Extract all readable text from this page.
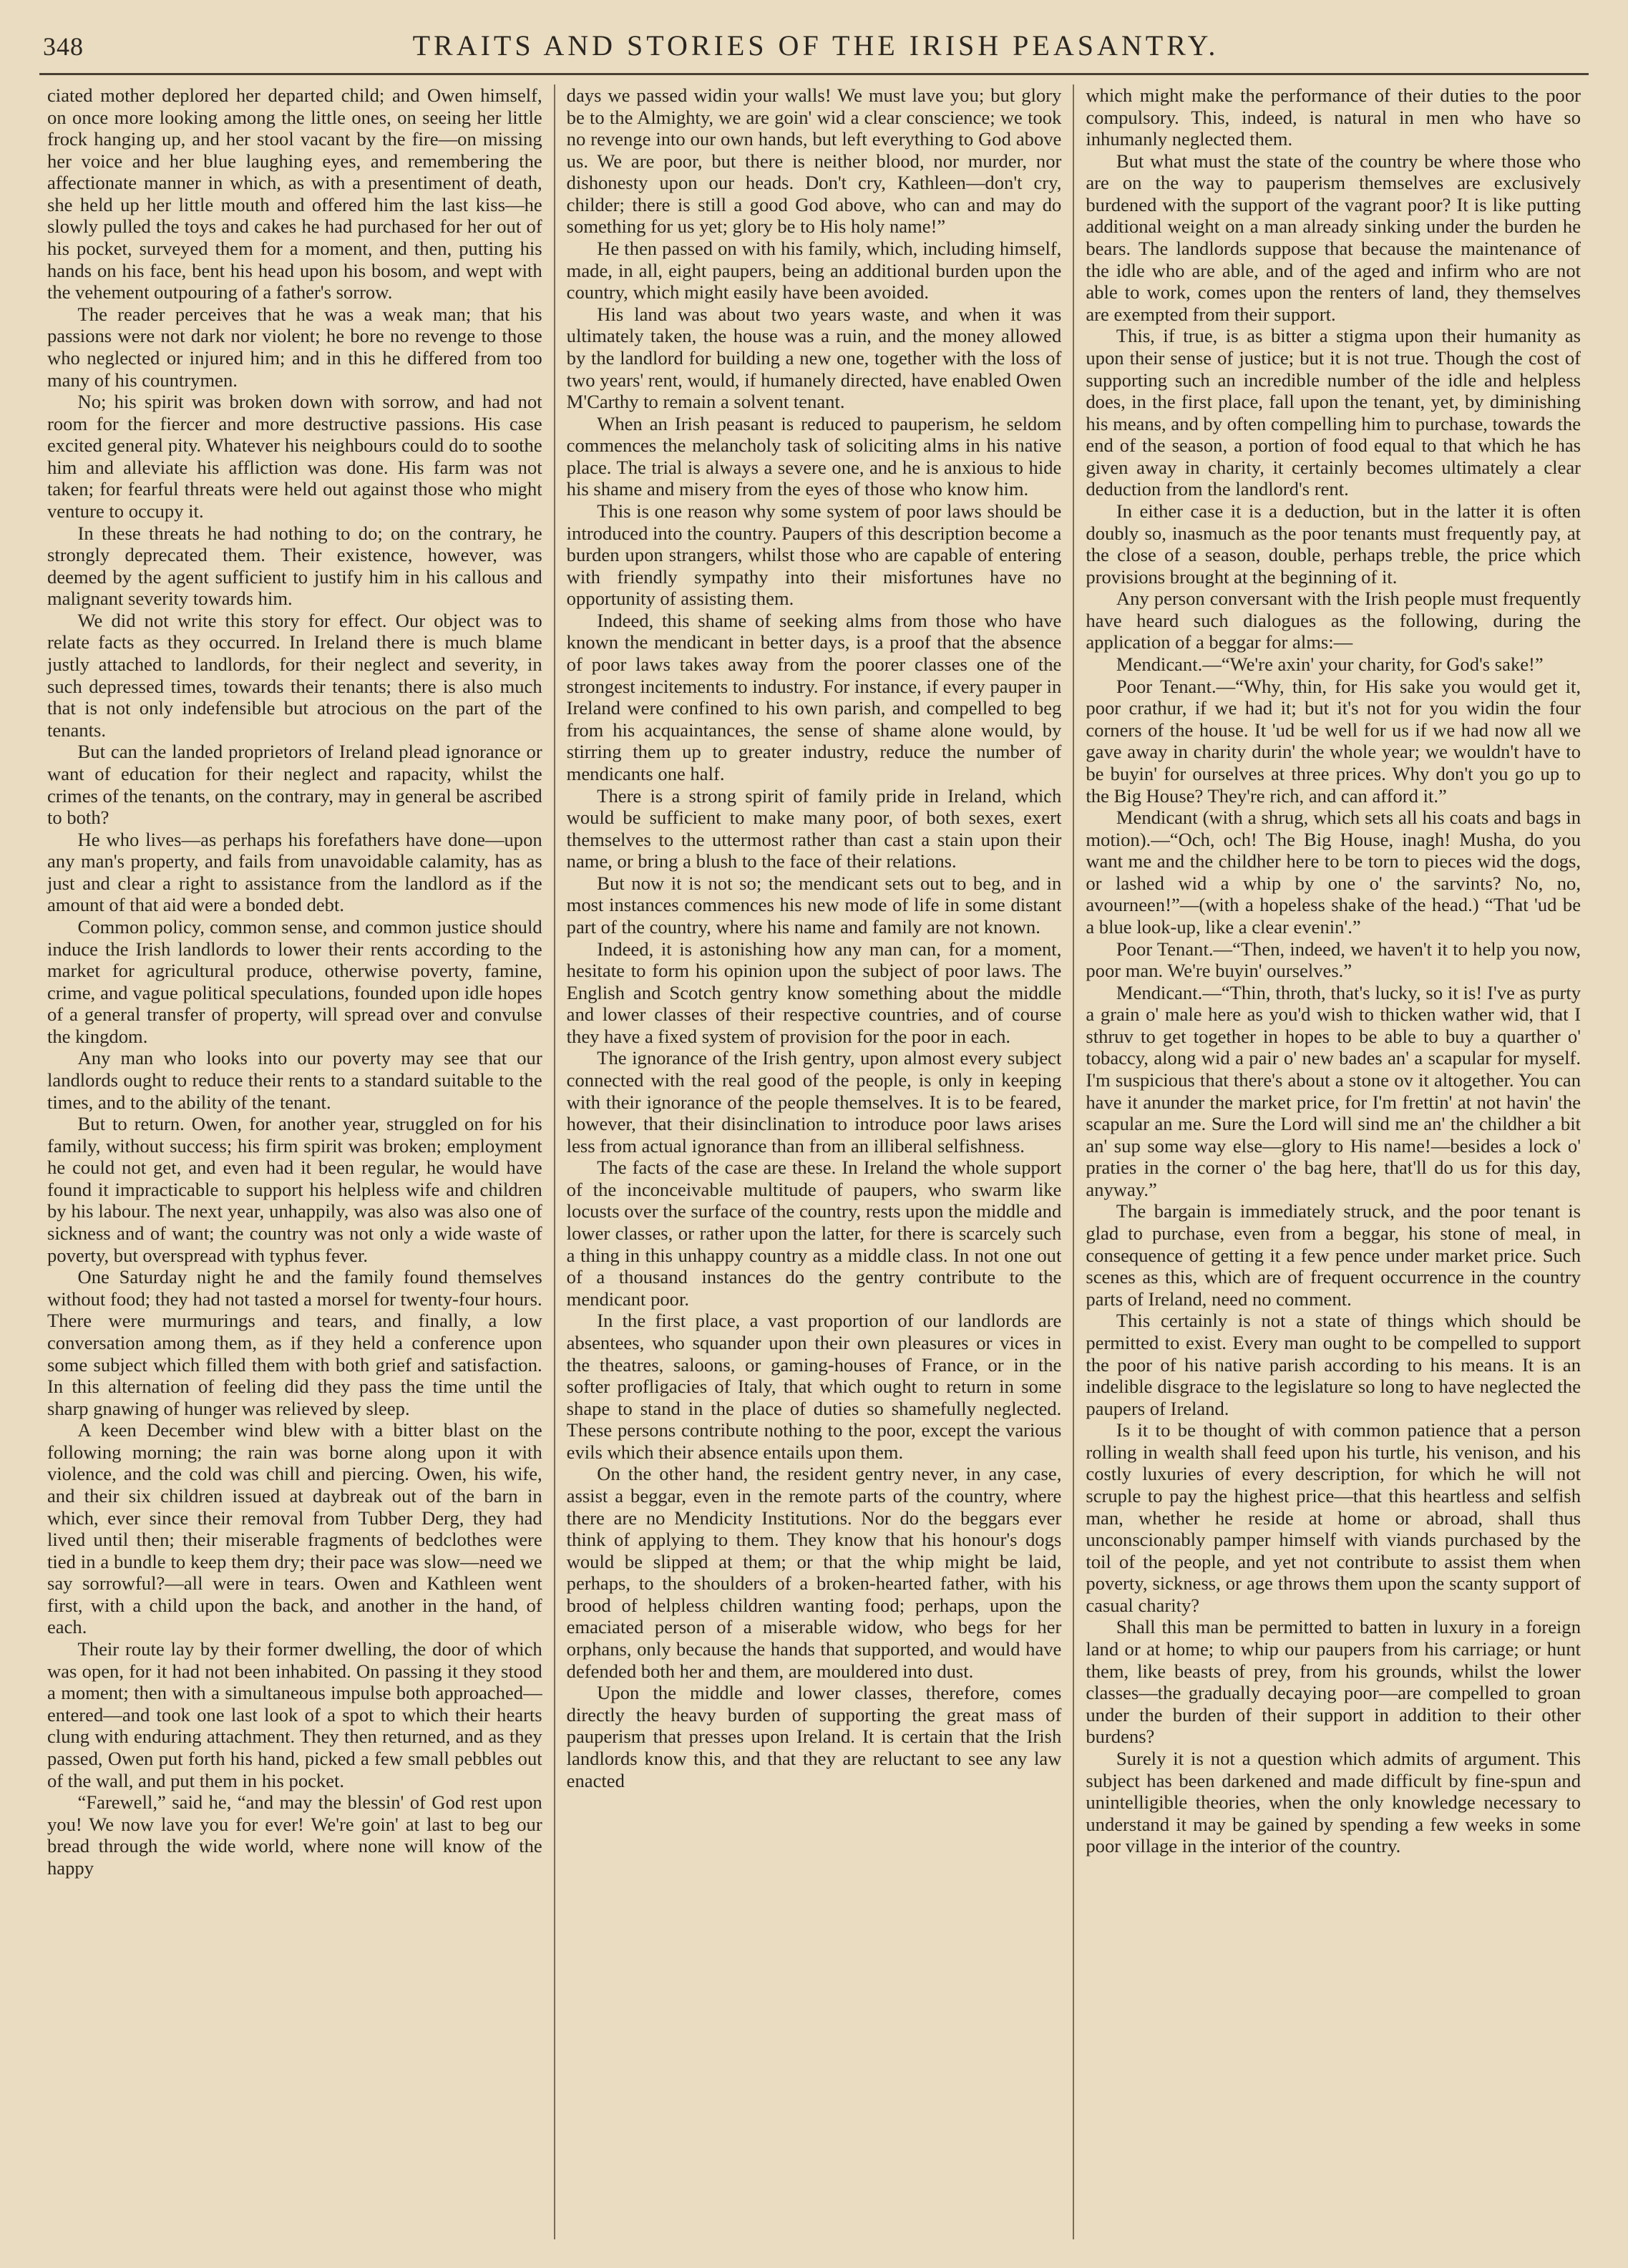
348	TRAITS AND STORIES OF THE IRISH PEASANTRY.

ciated mother deplored her departed child; and Owen himself, on once more looking among the little ones, on seeing her little frock hanging up, and her stool vacant by the fire—on missing her voice and her blue laughing eyes, and remembering the affectionate manner in which, as with a presentiment of death, she held up her little mouth and offered him the last kiss—he slowly pulled the toys and cakes he had purchased for her out of his pocket, surveyed them for a moment, and then, putting his hands on his face, bent his head upon his bosom, and wept with the vehement outpouring of a father's sorrow.

The reader perceives that he was a weak man; that his passions were not dark nor violent; he bore no revenge to those who neglected or injured him; and in this he differed from too many of his countrymen.

No; his spirit was broken down with sorrow, and had not room for the fiercer and more destructive passions. His case excited general pity. Whatever his neighbours could do to soothe him and alleviate his affliction was done. His farm was not taken; for fearful threats were held out against those who might venture to occupy it.

In these threats he had nothing to do; on the contrary, he strongly deprecated them. Their existence, however, was deemed by the agent sufficient to justify him in his callous and malignant severity towards him.

We did not write this story for effect. Our object was to relate facts as they occurred. In Ireland there is much blame justly attached to landlords, for their neglect and severity, in such depressed times, towards their tenants; there is also much that is not only indefensible but atrocious on the part of the tenants.

But can the landed proprietors of Ireland plead ignorance or want of education for their neglect and rapacity, whilst the crimes of the tenants, on the contrary, may in general be ascribed to both?

He who lives—as perhaps his forefathers have done—upon any man's property, and fails from unavoidable calamity, has as just and clear a right to assistance from the landlord as if the amount of that aid were a bonded debt.

Common policy, common sense, and common justice should induce the Irish landlords to lower their rents according to the market for agricultural produce, otherwise poverty, famine, crime, and vague political speculations, founded upon idle hopes of a general transfer of property, will spread over and convulse the kingdom.

Any man who looks into our poverty may see that our landlords ought to reduce their rents to a standard suitable to the times, and to the ability of the tenant.

But to return. Owen, for another year, struggled on for his family, without success; his firm spirit was broken; employment he could not get, and even had it been regular, he would have found it impracticable to support his helpless wife and children by his labour. The next year, unhappily, was also was also one of sickness and of want; the country was not only a wide waste of poverty, but overspread with typhus fever.

One Saturday night he and the family found themselves without food; they had not tasted a morsel for twenty-four hours. There were murmurings and tears, and finally, a low conversation among them, as if they held a conference upon some subject which filled them with both grief and satisfaction. In this alternation of feeling did they pass the time until the sharp gnawing of hunger was relieved by sleep.

A keen December wind blew with a bitter blast on the following morning; the rain was borne along upon it with violence, and the cold was chill and piercing. Owen, his wife, and their six children issued at daybreak out of the barn in which, ever since their removal from Tubber Derg, they had lived until then; their miserable fragments of bedclothes were tied in a bundle to keep them dry; their pace was slow—need we say sorrowful?—all were in tears. Owen and Kathleen went first, with a child upon the back, and another in the hand, of each.

Their route lay by their former dwelling, the door of which was open, for it had not been inhabited. On passing it they stood a moment; then with a simultaneous impulse both approached—entered—and took one last look of a spot to which their hearts clung with enduring attachment. They then returned, and as they passed, Owen put forth his hand, picked a few small pebbles out of the wall, and put them in his pocket.

“Farewell,” said he, “and may the blessin' of God rest upon you! We now lave you for ever! We're goin' at last to beg our bread through the wide world, where none will know of the happy

days we passed widin your walls! We must lave you; but glory be to the Almighty, we are goin' wid a clear conscience; we took no revenge into our own hands, but left everything to God above us. We are poor, but there is neither blood, nor murder, nor dishonesty upon our heads. Don't cry, Kathleen—don't cry, childer; there is still a good God above, who can and may do something for us yet; glory be to His holy name!”

He then passed on with his family, which, including himself, made, in all, eight paupers, being an additional burden upon the country, which might easily have been avoided.

His land was about two years waste, and when it was ultimately taken, the house was a ruin, and the money allowed by the landlord for building a new one, together with the loss of two years' rent, would, if humanely directed, have enabled Owen M'Carthy to remain a solvent tenant.

When an Irish peasant is reduced to pauperism, he seldom commences the melancholy task of soliciting alms in his native place. The trial is always a severe one, and he is anxious to hide his shame and misery from the eyes of those who know him.

This is one reason why some system of poor laws should be introduced into the country. Paupers of this description become a burden upon strangers, whilst those who are capable of entering with friendly sympathy into their misfortunes have no opportunity of assisting them.

Indeed, this shame of seeking alms from those who have known the mendicant in better days, is a proof that the absence of poor laws takes away from the poorer classes one of the strongest incitements to industry. For instance, if every pauper in Ireland were confined to his own parish, and compelled to beg from his acquaintances, the sense of shame alone would, by stirring them up to greater industry, reduce the number of mendicants one half.

There is a strong spirit of family pride in Ireland, which would be sufficient to make many poor, of both sexes, exert themselves to the uttermost rather than cast a stain upon their name, or bring a blush to the face of their relations.

But now it is not so; the mendicant sets out to beg, and in most instances commences his new mode of life in some distant part of the country, where his name and family are not known.

Indeed, it is astonishing how any man can, for a moment, hesitate to form his opinion upon the subject of poor laws. The English and Scotch gentry know something about the middle and lower classes of their respective countries, and of course they have a fixed system of provision for the poor in each.

The ignorance of the Irish gentry, upon almost every subject connected with the real good of the people, is only in keeping with their ignorance of the people themselves. It is to be feared, however, that their disinclination to introduce poor laws arises less from actual ignorance than from an illiberal selfishness.

The facts of the case are these. In Ireland the whole support of the inconceivable multitude of paupers, who swarm like locusts over the surface of the country, rests upon the middle and lower classes, or rather upon the latter, for there is scarcely such a thing in this unhappy country as a middle class. In not one out of a thousand instances do the gentry contribute to the mendicant poor.

In the first place, a vast proportion of our landlords are absentees, who squander upon their own pleasures or vices in the theatres, saloons, or gaming-houses of France, or in the softer profligacies of Italy, that which ought to return in some shape to stand in the place of duties so shamefully neglected. These persons contribute nothing to the poor, except the various evils which their absence entails upon them.

On the other hand, the resident gentry never, in any case, assist a beggar, even in the remote parts of the country, where there are no Mendicity Institutions. Nor do the beggars ever think of applying to them. They know that his honour's dogs would be slipped at them; or that the whip might be laid, perhaps, to the shoulders of a broken-hearted father, with his brood of helpless children wanting food; perhaps, upon the emaciated person of a miserable widow, who begs for her orphans, only because the hands that supported, and would have defended both her and them, are mouldered into dust.

Upon the middle and lower classes, therefore, comes directly the heavy burden of supporting the great mass of pauperism that presses upon Ireland. It is certain that the Irish landlords know this, and that they are reluctant to see any law enacted

which might make the performance of their duties to the poor compulsory. This, indeed, is natural in men who have so inhumanly neglected them.

But what must the state of the country be where those who are on the way to pauperism themselves are exclusively burdened with the support of the vagrant poor? It is like putting additional weight on a man already sinking under the burden he bears. The landlords suppose that because the maintenance of the idle who are able, and of the aged and infirm who are not able to work, comes upon the renters of land, they themselves are exempted from their support.

This, if true, is as bitter a stigma upon their humanity as upon their sense of justice; but it is not true. Though the cost of supporting such an incredible number of the idle and helpless does, in the first place, fall upon the tenant, yet, by diminishing his means, and by often compelling him to purchase, towards the end of the season, a portion of food equal to that which he has given away in charity, it certainly becomes ultimately a clear deduction from the landlord's rent.

In either case it is a deduction, but in the latter it is often doubly so, inasmuch as the poor tenants must frequently pay, at the close of a season, double, perhaps treble, the price which provisions brought at the beginning of it.

Any person conversant with the Irish people must frequently have heard such dialogues as the following, during the application of a beggar for alms:—

Mendicant.—“We're axin' your charity, for God's sake!”

Poor Tenant.—“Why, thin, for His sake you would get it, poor crathur, if we had it; but it's not for you widin the four corners of the house. It 'ud be well for us if we had now all we gave away in charity durin' the whole year; we wouldn't have to be buyin' for ourselves at three prices. Why don't you go up to the Big House? They're rich, and can afford it.”

Mendicant (with a shrug, which sets all his coats and bags in motion).—“Och, och! The Big House, inagh! Musha, do you want me and the childher here to be torn to pieces wid the dogs, or lashed wid a whip by one o' the sarvints? No, no, avourneen!”—(with a hopeless shake of the head.) “That 'ud be a blue look-up, like a clear evenin'.”

Poor Tenant.—“Then, indeed, we haven't it to help you now, poor man. We're buyin' ourselves.”

Mendicant.—“Thin, throth, that's lucky, so it is! I've as purty a grain o' male here as you'd wish to thicken wather wid, that I sthruv to get together in hopes to be able to buy a quarther o' tobaccy, along wid a pair o' new bades an' a scapular for myself. I'm suspicious that there's about a stone ov it altogether. You can have it anunder the market price, for I'm frettin' at not havin' the scapular an me. Sure the Lord will sind me an' the childher a bit an' sup some way else—glory to His name!—besides a lock o' praties in the corner o' the bag here, that'll do us for this day, anyway.”

The bargain is immediately struck, and the poor tenant is glad to purchase, even from a beggar, his stone of meal, in consequence of getting it a few pence under market price. Such scenes as this, which are of frequent occurrence in the country parts of Ireland, need no comment.

This certainly is not a state of things which should be permitted to exist. Every man ought to be compelled to support the poor of his native parish according to his means. It is an indelible disgrace to the legislature so long to have neglected the paupers of Ireland.

Is it to be thought of with common patience that a person rolling in wealth shall feed upon his turtle, his venison, and his costly luxuries of every description, for which he will not scruple to pay the highest price—that this heartless and selfish man, whether he reside at home or abroad, shall thus unconscionably pamper himself with viands purchased by the toil of the people, and yet not contribute to assist them when poverty, sickness, or age throws them upon the scanty support of casual charity?

Shall this man be permitted to batten in luxury in a foreign land or at home; to whip our paupers from his carriage; or hunt them, like beasts of prey, from his grounds, whilst the lower classes—the gradually decaying poor—are compelled to groan under the burden of their support in addition to their other burdens?

Surely it is not a question which admits of argument. This subject has been darkened and made difficult by fine-spun and unintelligible theories, when the only knowledge necessary to understand it may be gained by spending a few weeks in some poor village in the interior of the country.
